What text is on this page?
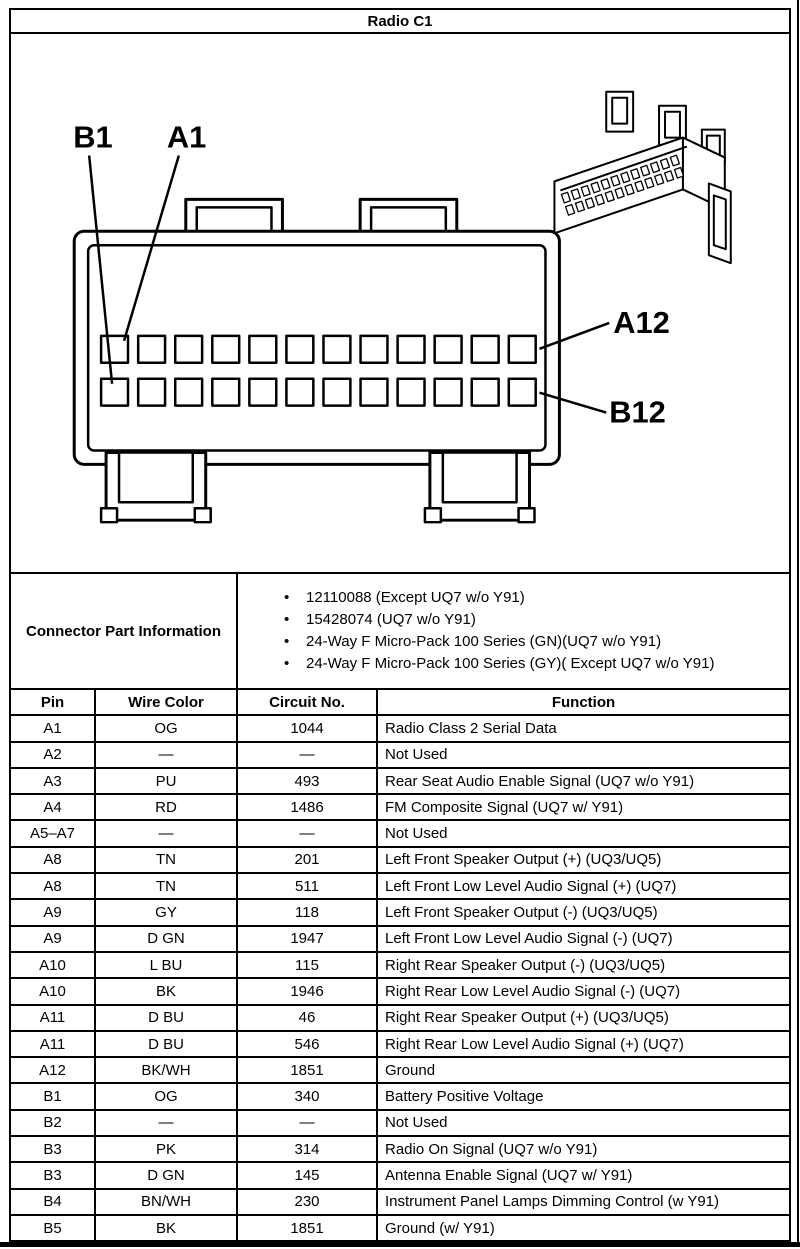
Radio C1
B1 A1
A12
B12
Connector Part Information
•	12110088 (Except UQ7 w/o Y91)
•	15428074 (UQ7 w/o Y91)
•	24-Way F Micro-Pack 100 Series (GN)(UQ7 w/o Y91)
•	24-Way F Micro-Pack 100 Series (GY)( Except UQ7 w/o Y91)
Pin	Wire Color	Circuit No.	Function
A1	OG	1044	Radio Class 2 Serial Data
A2	—	—	Not Used
A3	PU	493	Rear Seat Audio Enable Signal (UQ7 w/o Y91)
A4	RD	1486	FM Composite Signal (UQ7 w/ Y91)
A5–A7	—	—	Not Used
A8	TN	201	Left Front Speaker Output (+) (UQ3/UQ5)
A8	TN	511	Left Front Low Level Audio Signal (+) (UQ7)
A9	GY	118	Left Front Speaker Output (-) (UQ3/UQ5)
A9	D GN	1947	Left Front Low Level Audio Signal (-) (UQ7)
A10	L BU	115	Right Rear Speaker Output (-) (UQ3/UQ5)
A10	BK	1946	Right Rear Low Level Audio Signal (-) (UQ7)
A11	D BU	46	Right Rear Speaker Output (+) (UQ3/UQ5)
A11	D BU	546	Right Rear Low Level Audio Signal (+) (UQ7)
A12	BK/WH	1851	Ground
B1	OG	340	Battery Positive Voltage
B2	—	—	Not Used
B3	PK	314	Radio On Signal (UQ7 w/o Y91)
B3	D GN	145	Antenna Enable Signal (UQ7 w/ Y91)
B4	BN/WH	230	Instrument Panel Lamps Dimming Control (w Y91)
B5	BK	1851	Ground (w/ Y91)
